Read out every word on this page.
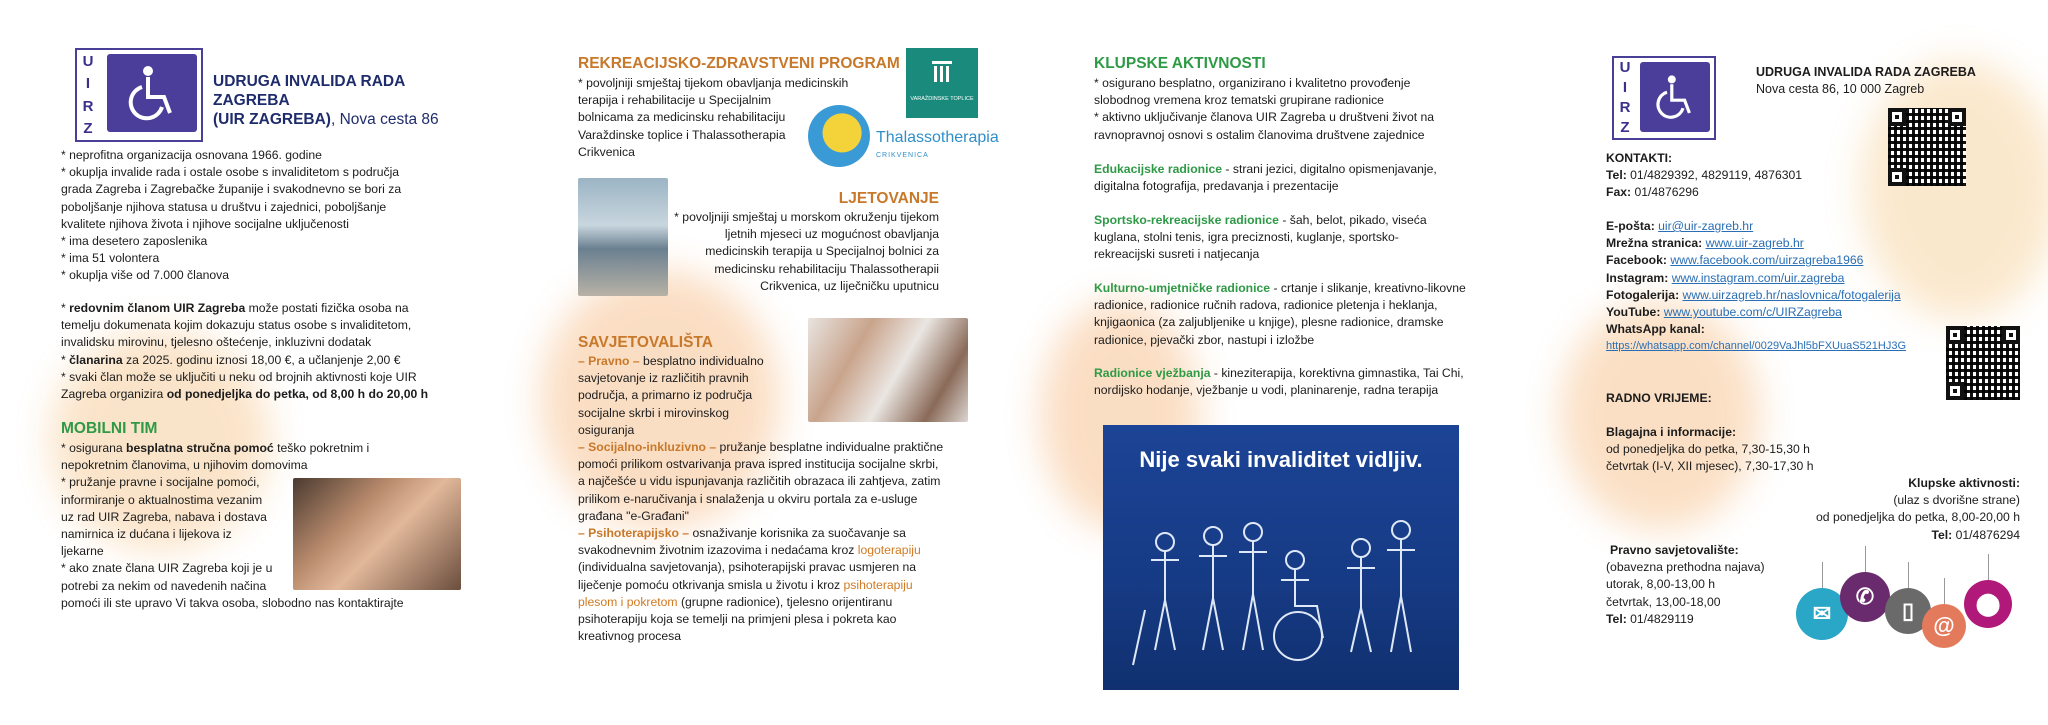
U
I
R
Z
UDRUGA INVALIDA RADA ZAGREBA
(UIR ZAGREBA), Nova cesta 86

* neprofitna organizacija osnovana 1966. godine

* okuplja invalide rada i ostale osobe s invaliditetom s područja

grada Zagreba i Zagrebačke županije i svakodnevno se bori za

poboljšanje njihova statusa u društvu i zajednici, poboljšanje

kvalitete njihova života i njihove socijalne uključenosti

* ima desetero zaposlenika

* ima 51 volontera

* okuplja više od 7.000 članova

* redovnim članom UIR Zagreba može postati fizička osoba na

temelju dokumenata kojim dokazuju status osobe s invaliditetom,

invalidsku mirovinu, tjelesno oštećenje, inkluzivni dodatak

* članarina za 2025. godinu iznosi 18,00 €, a učlanjenje 2,00 €

* svaki član može se uključiti u neku od brojnih aktivnosti koje UIR

Zagreba organizira od ponedjeljka do petka, od 8,00 h do 20,00 h

MOBILNI TIM

* osigurana besplatna stručna pomoć teško pokretnim i

nepokretnim članovima, u njihovim domovima

* pružanje pravne i socijalne pomoći,

informiranje o aktualnostima vezanim

uz rad UIR Zagreba, nabava i dostava

namirnica iz dućana i lijekova iz

ljekarne

* ako znate člana UIR Zagreba koji je u

potrebi za nekim od navedenih načina

pomoći ili ste upravo Vi takva osoba, slobodno nas kontaktirajte

REKREACIJSKO-ZDRAVSTVENI PROGRAM

* povoljniji smještaj tijekom obavljanja medicinskih

terapija i rehabilitacije u Specijalnim

bolnicama za medicinsku rehabilitaciju

Varaždinske toplice i Thalassotherapia

Crikvenica

VARAŽDINSKE TOPLICE
Thalassotherapia
CRIKVENICA
LJETOVANJE

* povoljniji smještaj u morskom okruženju tijekom

ljetnih mjeseci uz mogućnost obavljanja

medicinskih terapija u Specijalnoj bolnici za

medicinsku rehabilitaciju Thalassotherapii

Crikvenica, uz liječničku uputnicu

SAVJETOVALIŠTA

– Pravno – besplatno individualno

savjetovanje iz različitih pravnih

područja, a primarno iz područja

socijalne skrbi i mirovinskog

osiguranja

– Socijalno-inkluzivno – pružanje besplatne individualne praktične

pomoći prilikom ostvarivanja prava ispred institucija socijalne skrbi,

a najčešće u vidu ispunjavanja različitih obrazaca ili zahtjeva, zatim

prilikom e-naručivanja i snalaženja u okviru portala za e-usluge

građana "e-Građani"

– Psihoterapijsko – osnaživanje korisnika za suočavanje sa

svakodnevnim životnim izazovima i nedaćama kroz logoterapiju

(individualna savjetovanja), psihoterapijski pravac usmjeren na

liječenje pomoću otkrivanja smisla u životu i kroz psihoterapiju

plesom i pokretom (grupne radionice), tjelesno orijentiranu

psihoterapiju koja se temelji na primjeni plesa i pokreta kao

kreativnog procesa

KLUPSKE AKTIVNOSTI

* osigurano besplatno, organizirano i kvalitetno provođenje

slobodnog vremena kroz tematski grupirane radionice

* aktivno uključivanje članova UIR Zagreba u društveni život na

ravnopravnoj osnovi s ostalim članovima društvene zajednice

Edukacijske radionice - strani jezici, digitalno opismenjavanje,

digitalna fotografija, predavanja i prezentacije

Sportsko-rekreacijske radionice - šah, belot, pikado, viseća

kuglana, stolni tenis, igra preciznosti, kuglanje, sportsko-

rekreacijski susreti i natjecanja

Kulturno-umjetničke radionice - crtanje i slikanje, kreativno-likovne

radionice, radionice ručnih radova, radionice pletenja i heklanja,

knjigaonica (za zaljubljenike u knjige), plesne radionice, dramske

radionice, pjevački zbor, nastupi i izložbe

Radionice vježbanja - kineziterapija, korektivna gimnastika, Tai Chi,

nordijsko hodanje, vježbanje u vodi, planinarenje, radna terapija

Nije svaki invaliditet vidljiv.
U
I
R
Z
UDRUGA INVALIDA RADA ZAGREBA
Nova cesta 86, 10 000 Zagreb

KONTAKTI:

Tel: 01/4829392, 4829119, 4876301

Fax: 01/4876296

E-pošta: uir@uir-zagreb.hr

Mrežna stranica: www.uir-zagreb.hr

Facebook: www.facebook.com/uirzagreba1966

Instagram: www.instagram.com/uir.zagreba

Fotogalerija: www.uirzagreb.hr/naslovnica/fotogalerija

YouTube: www.youtube.com/c/UIRZagreba

WhatsApp kanal:

https://whatsapp.com/channel/0029VaJhl5bFXUuaS521HJ3G

RADNO VRIJEME:

Blagajna i informacije:

od ponedjeljka do petka, 7,30-15,30 h

četvrtak (I-V, XII mjesec), 7,30-17,30 h

Klupske aktivnosti:

(ulaz s dvorišne strane)

od ponedjeljka do petka, 8,00-20,00 h

Tel: 01/4876294

Pravno savjetovalište:

(obavezna prethodna najava)

utorak, 8,00-13,00 h

četvrtak, 13,00-18,00

Tel: 01/4829119	✉
✆
▯
@
⬤
